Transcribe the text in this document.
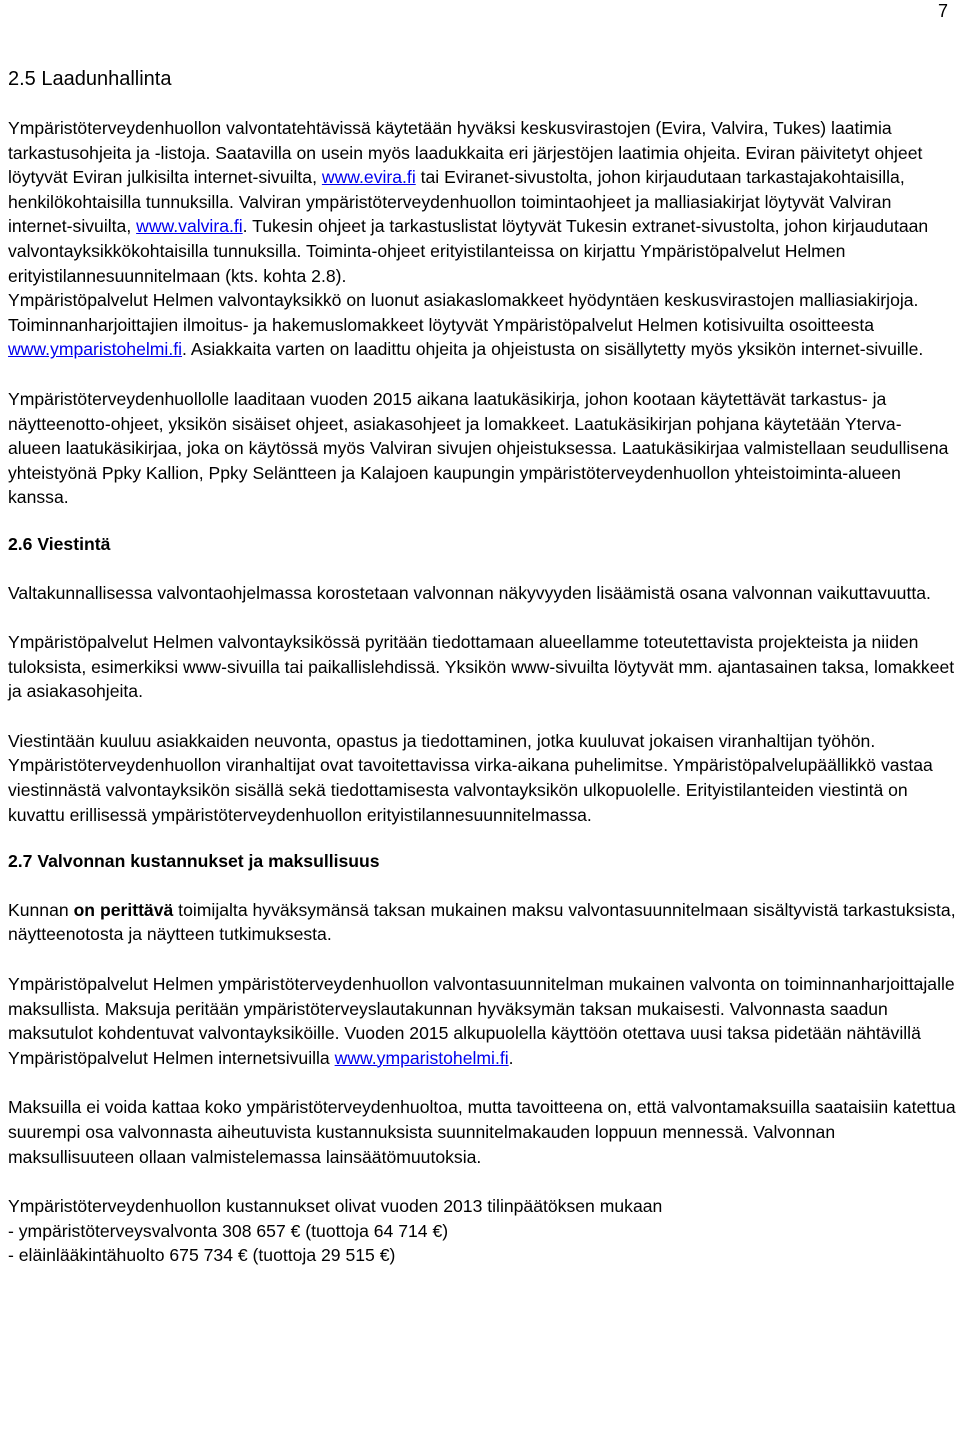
7

2.5 Laadunhallinta

Ympäristöterveydenhuollon valvontatehtävissä käytetään hyväksi keskusvirastojen (Evira, Valvira, Tukes) laatimia tarkastusohjeita ja -listoja. Saatavilla on usein myös laadukkaita eri järjestöjen laatimia ohjeita. Eviran päivitetyt ohjeet löytyvät Eviran julkisilta internet-sivuilta, www.evira.fi tai Eviranet-sivustolta, johon kirjaudutaan tarkastajakohtaisilla, henkilökohtaisilla tunnuksilla. Valviran ympäristöterveydenhuollon toimintaohjeet ja malliasiakirjat löytyvät Valviran internet-sivuilta, www.valvira.fi. Tukesin ohjeet ja tarkastuslistat löytyvät Tukesin extranet-sivustolta, johon kirjaudutaan valvontayksikkökohtaisilla tunnuksilla. Toiminta-ohjeet erityistilanteissa on kirjattu Ympäristöpalvelut Helmen erityistilannesuunnitelmaan (kts. kohta 2.8).

Ympäristöpalvelut Helmen valvontayksikkö on luonut asiakaslomakkeet hyödyntäen keskusvirastojen malliasiakirjoja. Toiminnanharjoittajien ilmoitus- ja hakemuslomakkeet löytyvät Ympäristöpalvelut Helmen kotisivuilta osoitteesta www.ymparistohelmi.fi. Asiakkaita varten on laadittu ohjeita ja ohjeistusta on sisällytetty myös yksikön internet-sivuille.

Ympäristöterveydenhuollolle laaditaan vuoden 2015 aikana laatukäsikirja, johon kootaan käytettävät tarkastus- ja näytteenotto-ohjeet, yksikön sisäiset ohjeet, asiakasohjeet ja lomakkeet. Laatukäsikirjan pohjana käytetään Yterva- alueen laatukäsikirjaa, joka on käytössä myös Valviran sivujen ohjeistuksessa. Laatukäsikirjaa valmistellaan seudullisena yhteistyönä Ppky Kallion, Ppky Seläntteen ja Kalajoen kaupungin ympäristöterveydenhuollon yhteistoiminta-alueen kanssa.

2.6 Viestintä

Valtakunnallisessa valvontaohjelmassa korostetaan valvonnan näkyvyyden lisäämistä osana valvonnan vaikuttavuutta.

Ympäristöpalvelut Helmen valvontayksikössä pyritään tiedottamaan alueellamme toteutettavista projekteista ja niiden tuloksista, esimerkiksi www-sivuilla tai paikallislehdissä. Yksikön www-sivuilta löytyvät mm. ajantasainen taksa, lomakkeet ja asiakasohjeita.

Viestintään kuuluu asiakkaiden neuvonta, opastus ja tiedottaminen, jotka kuuluvat jokaisen viranhaltijan työhön. Ympäristöterveydenhuollon viranhaltijat ovat tavoitettavissa virka-aikana puhelimitse. Ympäristöpalvelupäällikkö vastaa viestinnästä valvontayksikön sisällä sekä tiedottamisesta valvontayksikön ulkopuolelle. Erityistilanteiden viestintä on kuvattu erillisessä ympäristöterveydenhuollon erityistilannesuunnitelmassa.

2.7 Valvonnan kustannukset ja maksullisuus

Kunnan on perittävä toimijalta hyväksymänsä taksan mukainen maksu valvontasuunnitelmaan sisältyvistä tarkastuksista, näytteenotosta ja näytteen tutkimuksesta.

Ympäristöpalvelut Helmen ympäristöterveydenhuollon valvontasuunnitelman mukainen valvonta on toiminnanharjoittajalle maksullista. Maksuja peritään ympäristöterveyslautakunnan hyväksymän taksan mukaisesti. Valvonnasta saadun maksutulot kohdentuvat valvontayksiköille. Vuoden 2015 alkupuolella käyttöön otettava uusi taksa pidetään nähtävillä Ympäristöpalvelut Helmen internetsivuilla www.ymparistohelmi.fi.

Maksuilla ei voida kattaa koko ympäristöterveydenhuoltoa, mutta tavoitteena on, että valvontamaksuilla saataisiin katettua suurempi osa valvonnasta aiheutuvista kustannuksista suunnitelmakauden loppuun mennessä. Valvonnan maksullisuuteen ollaan valmistelemassa lainsäätömuutoksia.

Ympäristöterveydenhuollon kustannukset olivat vuoden 2013 tilinpäätöksen mukaan
- ympäristöterveysvalvonta 308 657 € (tuottoja 64 714 €)
- eläinlääkintähuolto 675 734 € (tuottoja 29 515 €)
